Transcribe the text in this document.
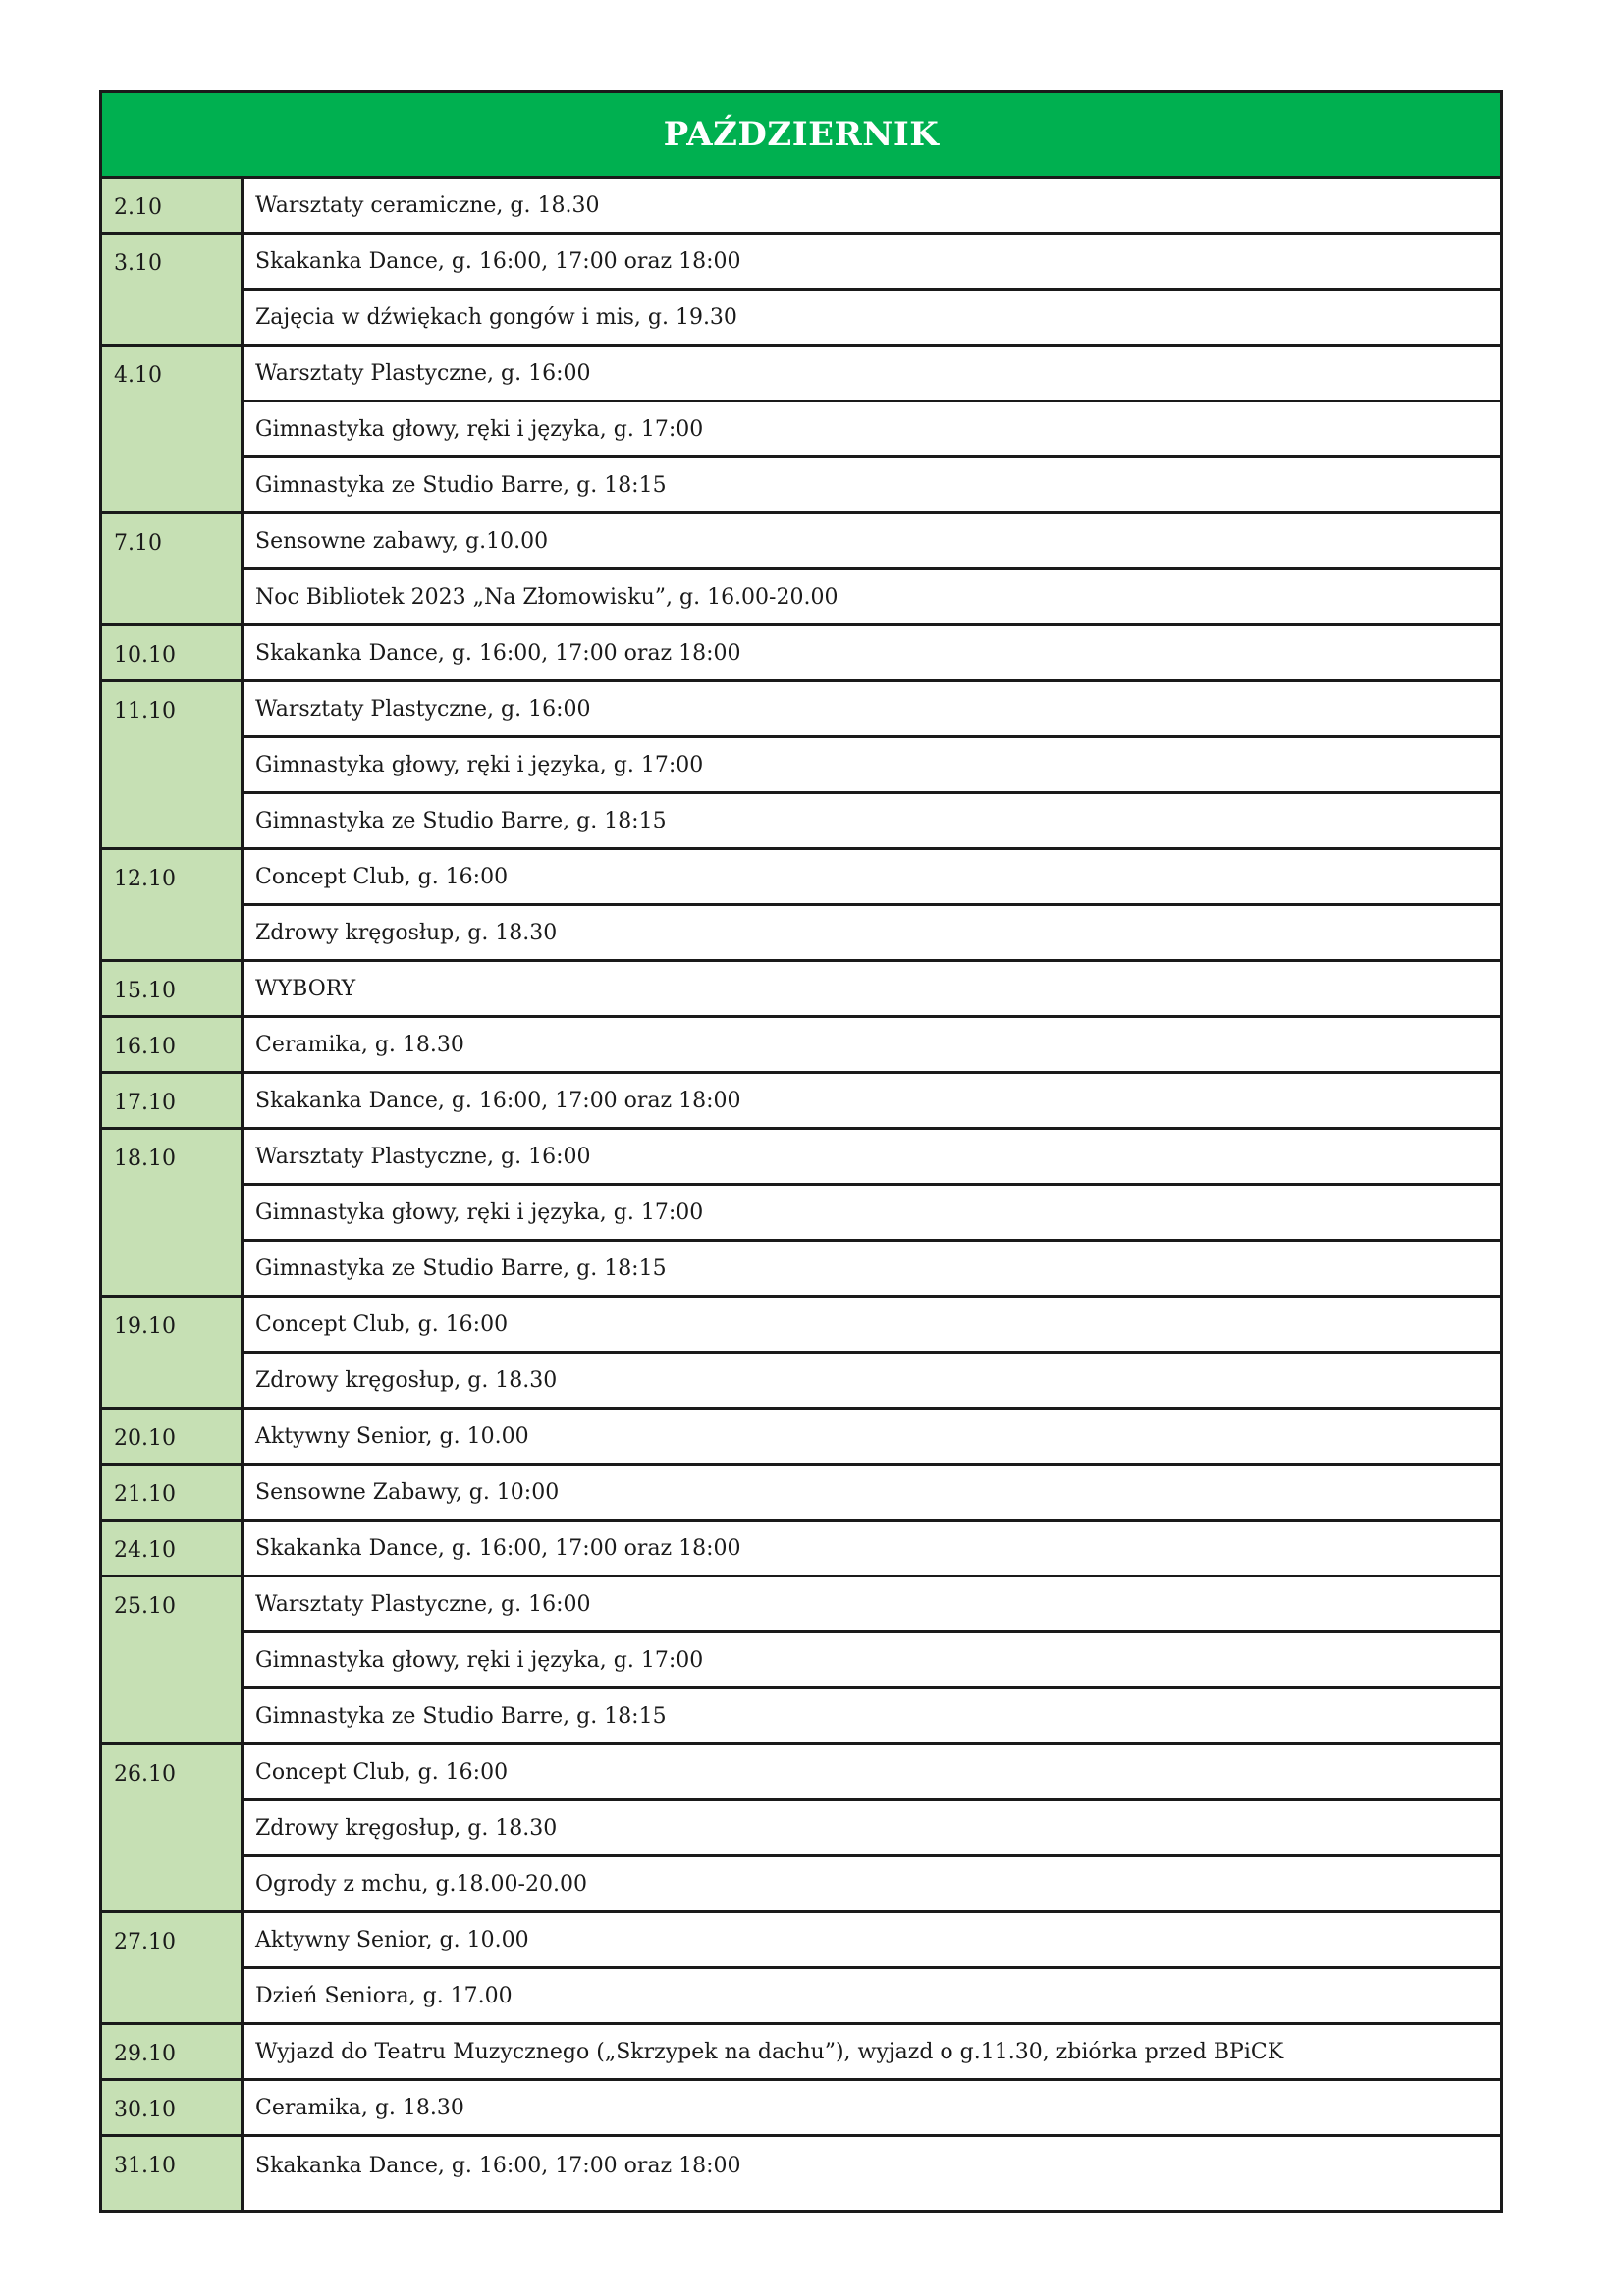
PAŹDZIERNIK
2.10	Warsztaty ceramiczne, g. 18.30
3.10	Skakanka Dance, g. 16:00, 17:00 oraz 18:00
Zajęcia w dźwiękach gongów i mis, g. 19.30
4.10	Warsztaty Plastyczne, g. 16:00
Gimnastyka głowy, ręki i języka, g. 17:00
Gimnastyka ze Studio Barre, g. 18:15
7.10	Sensowne zabawy, g.10.00
Noc Bibliotek 2023 „Na Złomowisku”, g. 16.00-20.00
10.10	Skakanka Dance, g. 16:00, 17:00 oraz 18:00
11.10	Warsztaty Plastyczne, g. 16:00
Gimnastyka głowy, ręki i języka, g. 17:00
Gimnastyka ze Studio Barre, g. 18:15
12.10	Concept Club, g. 16:00
Zdrowy kręgosłup, g. 18.30
15.10	WYBORY
16.10	Ceramika, g. 18.30
17.10	Skakanka Dance, g. 16:00, 17:00 oraz 18:00
18.10	Warsztaty Plastyczne, g. 16:00
Gimnastyka głowy, ręki i języka, g. 17:00
Gimnastyka ze Studio Barre, g. 18:15
19.10	Concept Club, g. 16:00
Zdrowy kręgosłup, g. 18.30
20.10	Aktywny Senior, g. 10.00
21.10	Sensowne Zabawy, g. 10:00
24.10	Skakanka Dance, g. 16:00, 17:00 oraz 18:00
25.10	Warsztaty Plastyczne, g. 16:00
Gimnastyka głowy, ręki i języka, g. 17:00
Gimnastyka ze Studio Barre, g. 18:15
26.10	Concept Club, g. 16:00
Zdrowy kręgosłup, g. 18.30
Ogrody z mchu, g.18.00-20.00
27.10	Aktywny Senior, g. 10.00
Dzień Seniora, g. 17.00
29.10	Wyjazd do Teatru Muzycznego („Skrzypek na dachu”), wyjazd o g.11.30, zbiórka przed BPiCK
30.10	Ceramika, g. 18.30
31.10	Skakanka Dance, g. 16:00, 17:00 oraz 18:00
